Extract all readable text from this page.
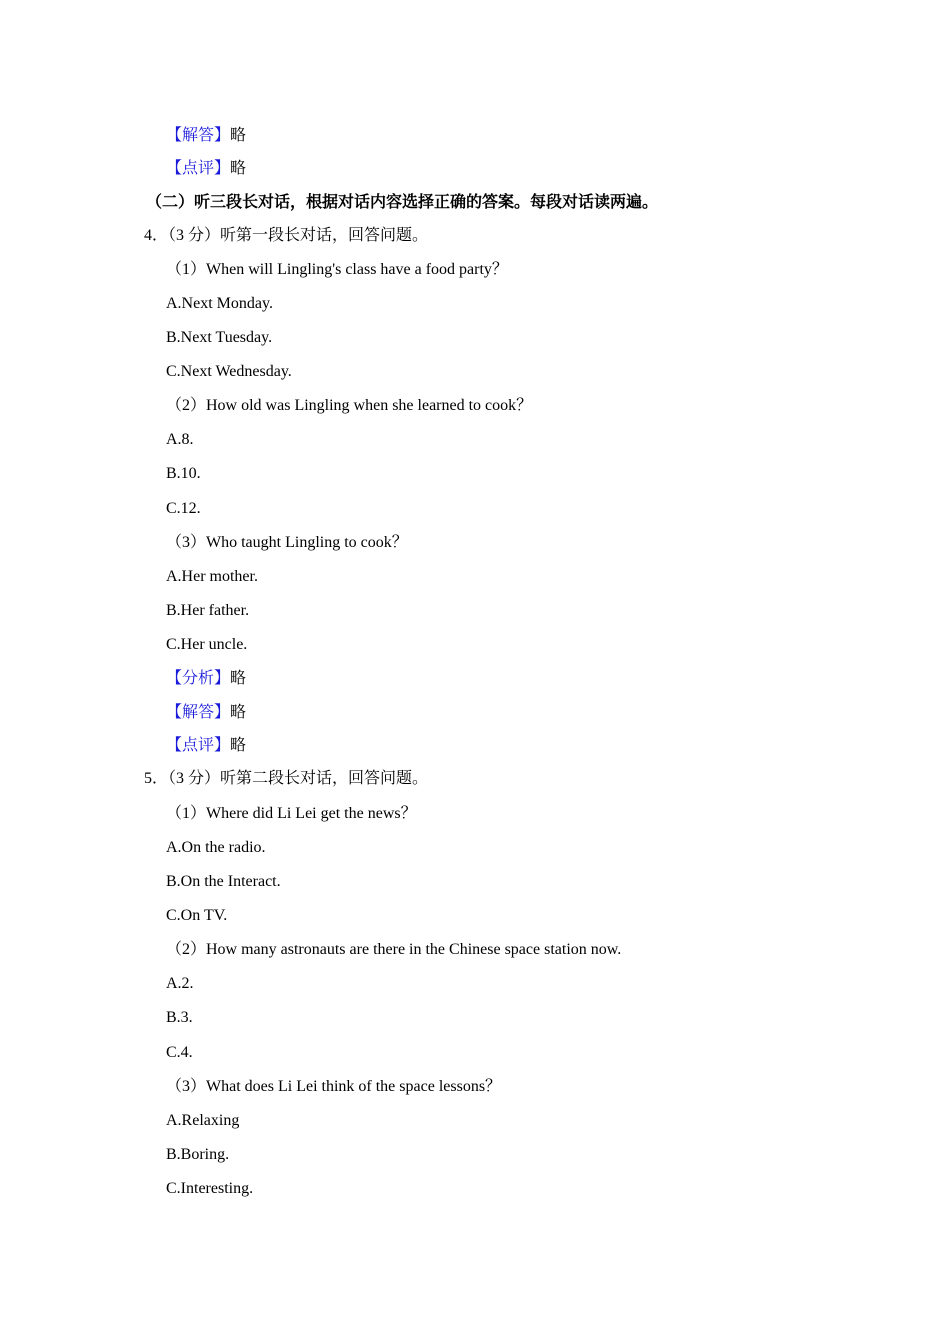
【解答】略
【点评】略
（二）听三段长对话，根据对话内容选择正确的答案。每段对话读两遍。
4．（3 分）听第一段长对话，回答问题。
（1）When will Lingling's class have a food party？
A.Next Monday.
B.Next Tuesday.
C.Next Wednesday.
（2）How old was Lingling when she learned to cook？
A.8.
B.10.
C.12.
（3）Who taught Lingling to cook？
A.Her mother.
B.Her father.
C.Her uncle.
【分析】略
【解答】略
【点评】略
5．（3 分）听第二段长对话，回答问题。
（1）Where did Li Lei get the news？
A.On the radio.
B.On the Interact.
C.On TV.
（2）How many astronauts are there in the Chinese space station now.
A.2.
B.3.
C.4.
（3）What does Li Lei think of the space lessons？
A.Relaxing
B.Boring.
C.Interesting.
